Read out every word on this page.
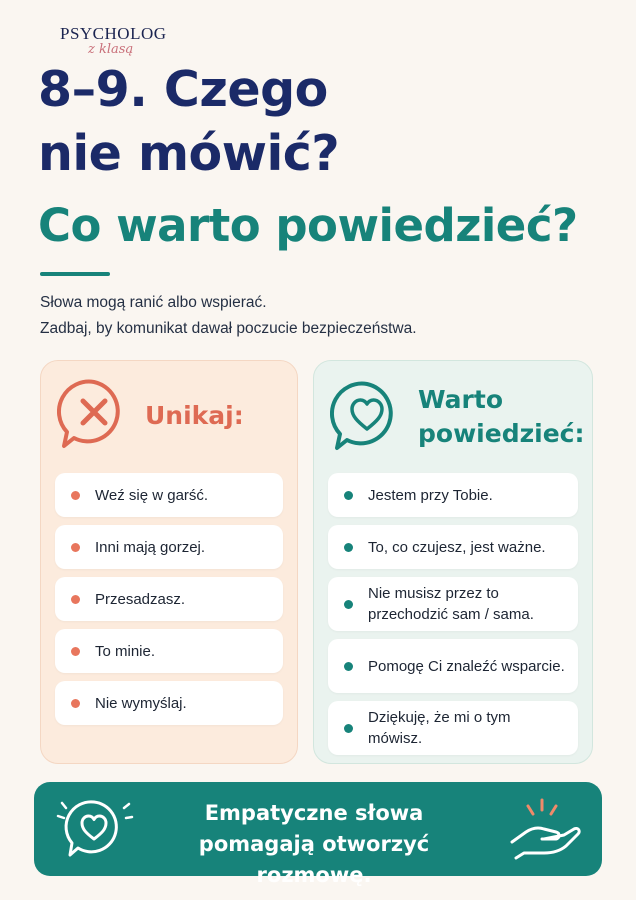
PSYCHOLOG
z klasą
8–9. Czego
nie mówić?
Co warto powiedzieć?
Słowa mogą ranić albo wspierać.
Zadbaj, by komunikat dawał poczucie bezpieczeństwa.
Unikaj:
Weź się w garść.
Inni mają gorzej.
Przesadzasz.
To minie.
Nie wymyślaj.
Warto
powiedzieć:
Jestem przy Tobie.
To, co czujesz, jest ważne.
Nie musisz przez to przechodzić sam / sama.
Pomogę Ci znaleźć wsparcie.
Dziękuję, że mi o tym mówisz.
Empatyczne słowa
pomagają otworzyć rozmowę.
